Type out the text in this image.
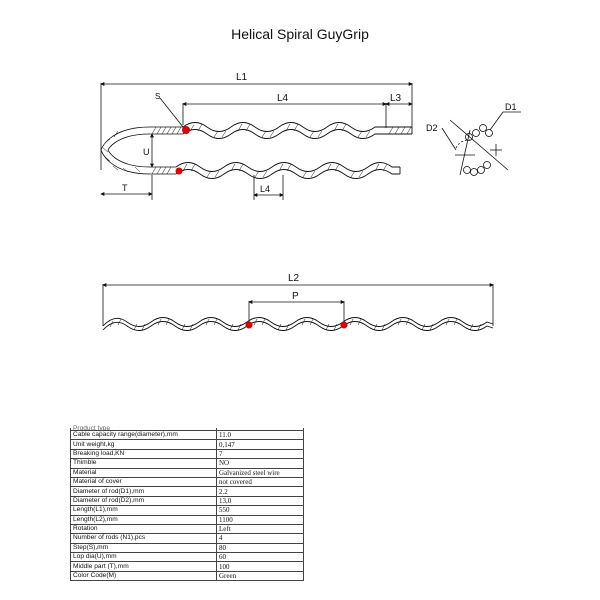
Helical Spiral GuyGrip
L1
L4	L3
S
U
T	L4
D1
D2
L2
P
Product type	
Cable capacity range(diameter),mm	11.0
Unit weight,kg	0,147
Breaking load,KN	7
Thimble	NO
Material	Galvanized steel wire
Material of cover	not covered
Diameter of rod(D1),mm	2.2
Diameter of rod(D2),mm	13,0
Length(L1),mm	550
Length(L2),mm	1100
Rotation	Left
Number of rods (N1),pcs	4
Step(S),mm	80
Lop dia(U),mm	60
Middle part (T),mm	100
Color Code(M)	Green
